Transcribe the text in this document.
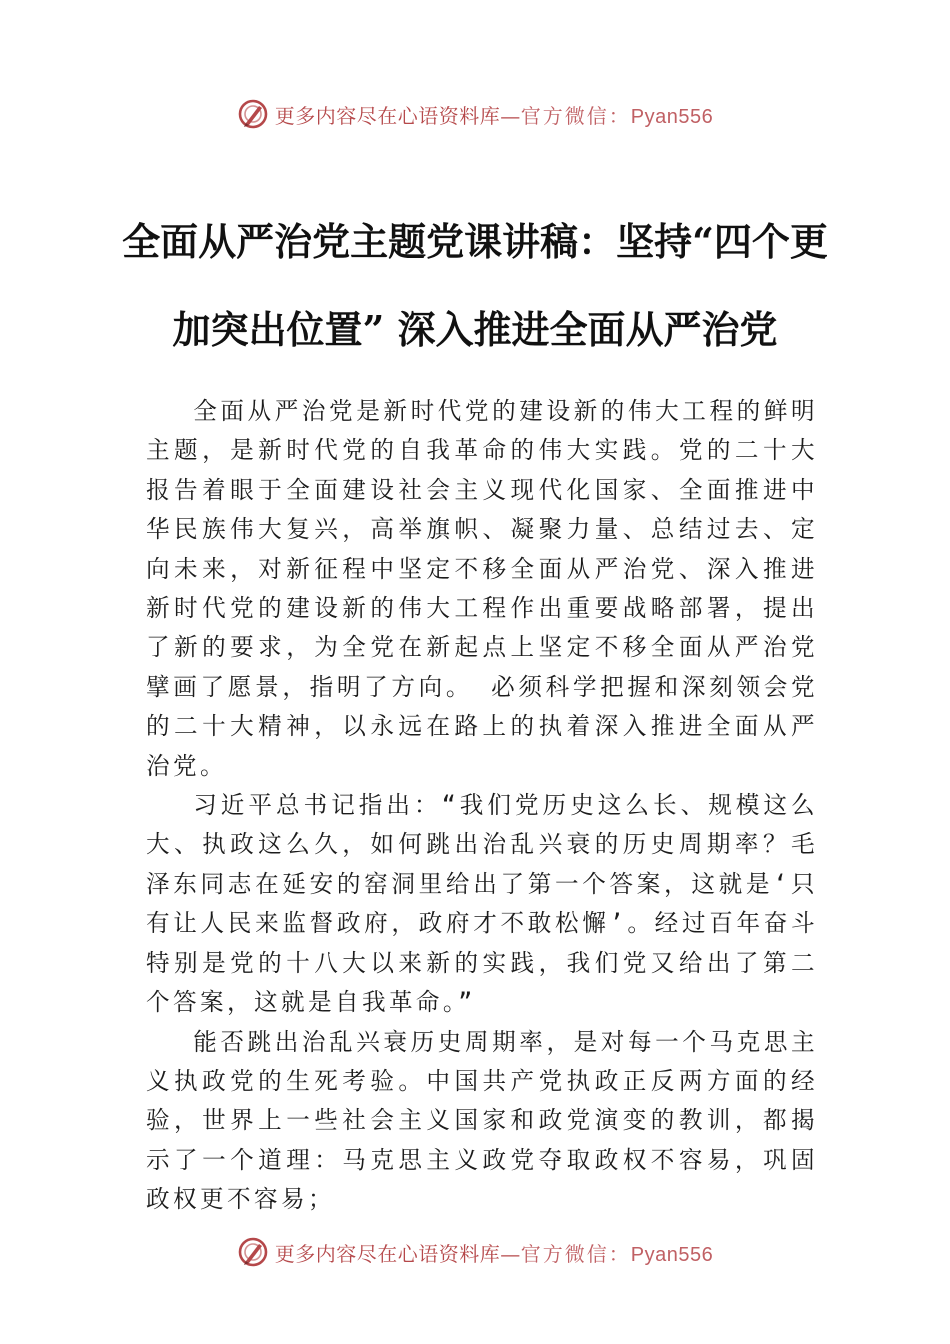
更多内容尽在心语资料库—官方微信：Pyan556
全面从严治党主题党课讲稿：坚持“四个更
加突出位置” 深入推进全面从严治党

全面从严治党是新时代党的建设新的伟大工程的鲜明主题，是新时代党的自我革命的伟大实践。党的二十大报告着眼于全面建设社会主义现代化国家、全面推进中华民族伟大复兴，高举旗帜、凝聚力量、总结过去、定向未来，对新征程中坚定不移全面从严治党、深入推进新时代党的建设新的伟大工程作出重要战略部署，提出了新的要求，为全党在新起点上坚定不移全面从严治党擘画了愿景，指明了方向。 必须科学把握和深刻领会党的二十大精神，以永远在路上的执着深入推进全面从严治党。

习近平总书记指出：“我们党历史这么长、规模这么大、执政这么久，如何跳出治乱兴衰的历史周期率？毛泽东同志在延安的窑洞里给出了第一个答案，这就是‘只有让人民来监督政府，政府才不敢松懈’。经过百年奋斗特别是党的十八大以来新的实践，我们党又给出了第二个答案，这就是自我革命。”

能否跳出治乱兴衰历史周期率，是对每一个马克思主义执政党的生死考验。中国共产党执政正反两方面的经验，世界上一些社会主义国家和政党演变的教训，都揭示了一个道理：马克思主义政党夺取政权不容易，巩固政权更不容易；

更多内容尽在心语资料库—官方微信：Pyan556
